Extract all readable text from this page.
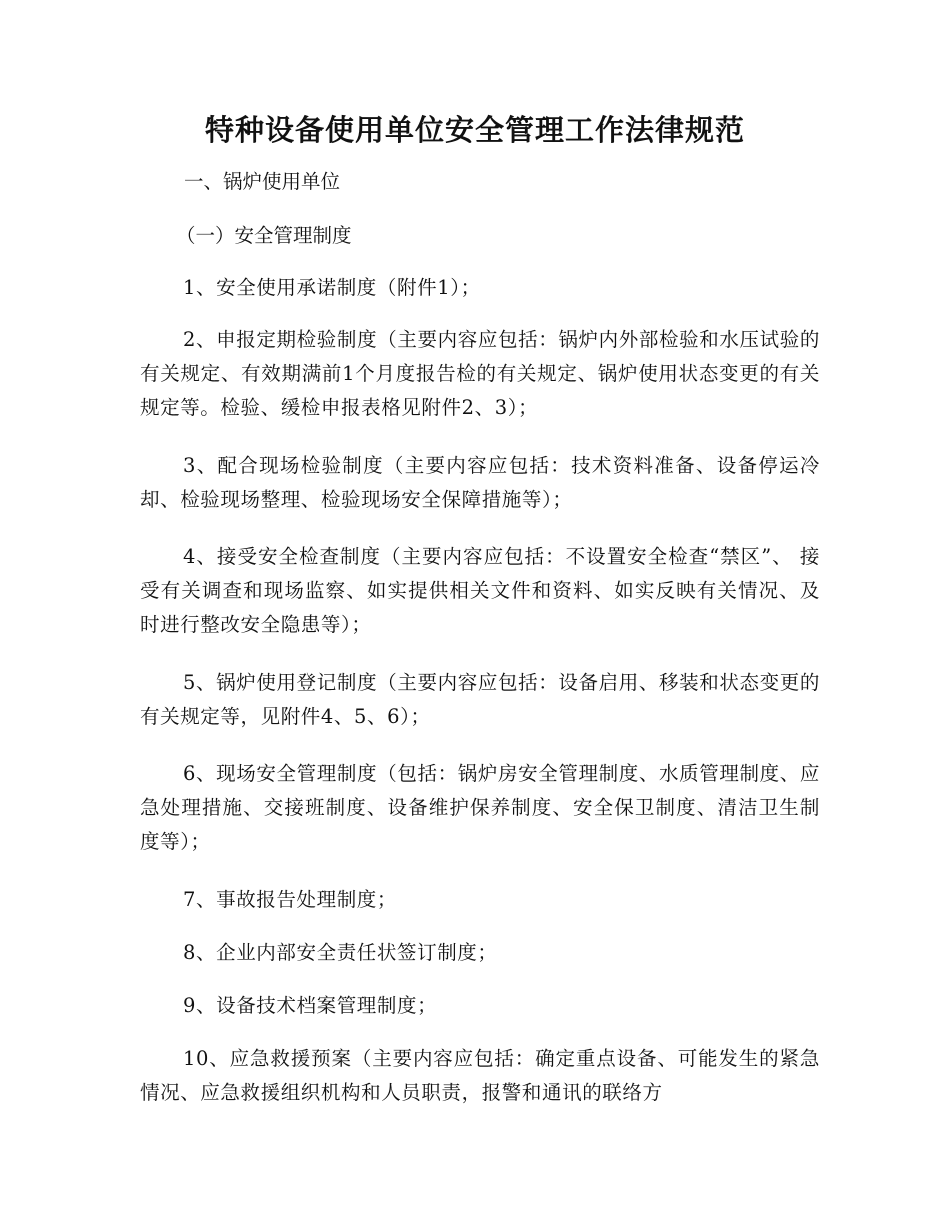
特种设备使用单位安全管理工作法律规范

一、锅炉使用单位

（一）安全管理制度

1、安全使用承诺制度（附件1）；

2、申报定期检验制度（主要内容应包括：锅炉内外部检验和水压试验的有关规定、有效期满前1个月度报告检的有关规定、锅炉使用状态变更的有关规定等。检验、缓检申报表格见附件2、3）；

3、配合现场检验制度（主要内容应包括：技术资料准备、设备停运冷却、检验现场整理、检验现场安全保障措施等）；

4、接受安全检查制度（主要内容应包括：不设置安全检查“禁区”、 接受有关调查和现场监察、如实提供相关文件和资料、如实反映有关情况、及时进行整改安全隐患等）；

5、锅炉使用登记制度（主要内容应包括：设备启用、移装和状态变更的有关规定等，见附件4、5、6）；

6、现场安全管理制度（包括：锅炉房安全管理制度、水质管理制度、应急处理措施、交接班制度、设备维护保养制度、安全保卫制度、清洁卫生制度等）；

7、事故报告处理制度；

8、企业内部安全责任状签订制度；

9、设备技术档案管理制度；

10、应急救援预案（主要内容应包括：确定重点设备、可能发生的紧急情况、应急救援组织机构和人员职责，报警和通讯的联络方
